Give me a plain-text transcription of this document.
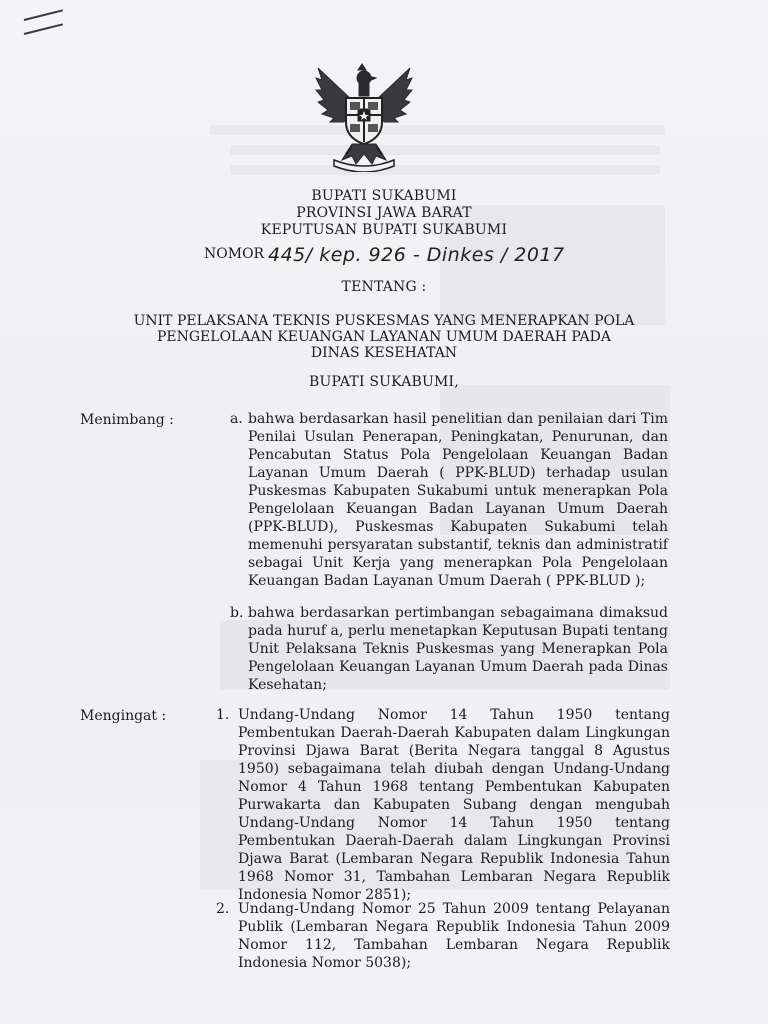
BUPATI SUKABUMI
PROVINSI JAWA BARAT
KEPUTUSAN BUPATI SUKABUMI
NOMOR 445/ kep. 926 - Dinkes / 2017
TENTANG :
UNIT PELAKSANA TEKNIS PUSKESMAS YANG MENERAPKAN POLA
PENGELOLAAN KEUANGAN LAYANAN UMUM DAERAH PADA
DINAS KESEHATAN
BUPATI SUKABUMI,
Menimbang :	a. bahwa berdasarkan hasil penelitian dan penilaian dari Tim Penilai Usulan Penerapan, Peningkatan, Penurunan, dan Pencabutan Status Pola Pengelolaan Keuangan Badan Layanan Umum Daerah ( PPK-BLUD) terhadap usulan Puskesmas Kabupaten Sukabumi untuk menerapkan Pola Pengelolaan Keuangan Badan Layanan Umum Daerah (PPK-BLUD), Puskesmas Kabupaten Sukabumi telah memenuhi persyaratan substantif, teknis dan administratif sebagai Unit Kerja yang menerapkan Pola Pengelolaan Keuangan Badan Layanan Umum Daerah ( PPK-BLUD );
b. bahwa berdasarkan pertimbangan sebagaimana dimaksud pada huruf a, perlu menetapkan Keputusan Bupati tentang Unit Pelaksana Teknis Puskesmas yang Menerapkan Pola Pengelolaan Keuangan Layanan Umum Daerah pada Dinas Kesehatan;
Mengingat :	1. Undang-Undang Nomor 14 Tahun 1950 tentang Pembentukan Daerah-Daerah Kabupaten dalam Lingkungan Provinsi Djawa Barat (Berita Negara tanggal 8 Agustus 1950) sebagaimana telah diubah dengan Undang-Undang Nomor 4 Tahun 1968 tentang Pembentukan Kabupaten Purwakarta dan Kabupaten Subang dengan mengubah Undang-Undang Nomor 14 Tahun 1950 tentang Pembentukan Daerah-Daerah dalam Lingkungan Provinsi Djawa Barat (Lembaran Negara Republik Indonesia Tahun 1968 Nomor 31, Tambahan Lembaran Negara Republik Indonesia Nomor 2851);
2. Undang-Undang Nomor 25 Tahun 2009 tentang Pelayanan Publik (Lembaran Negara Republik Indonesia Tahun 2009 Nomor 112, Tambahan Lembaran Negara Republik Indonesia Nomor 5038);
